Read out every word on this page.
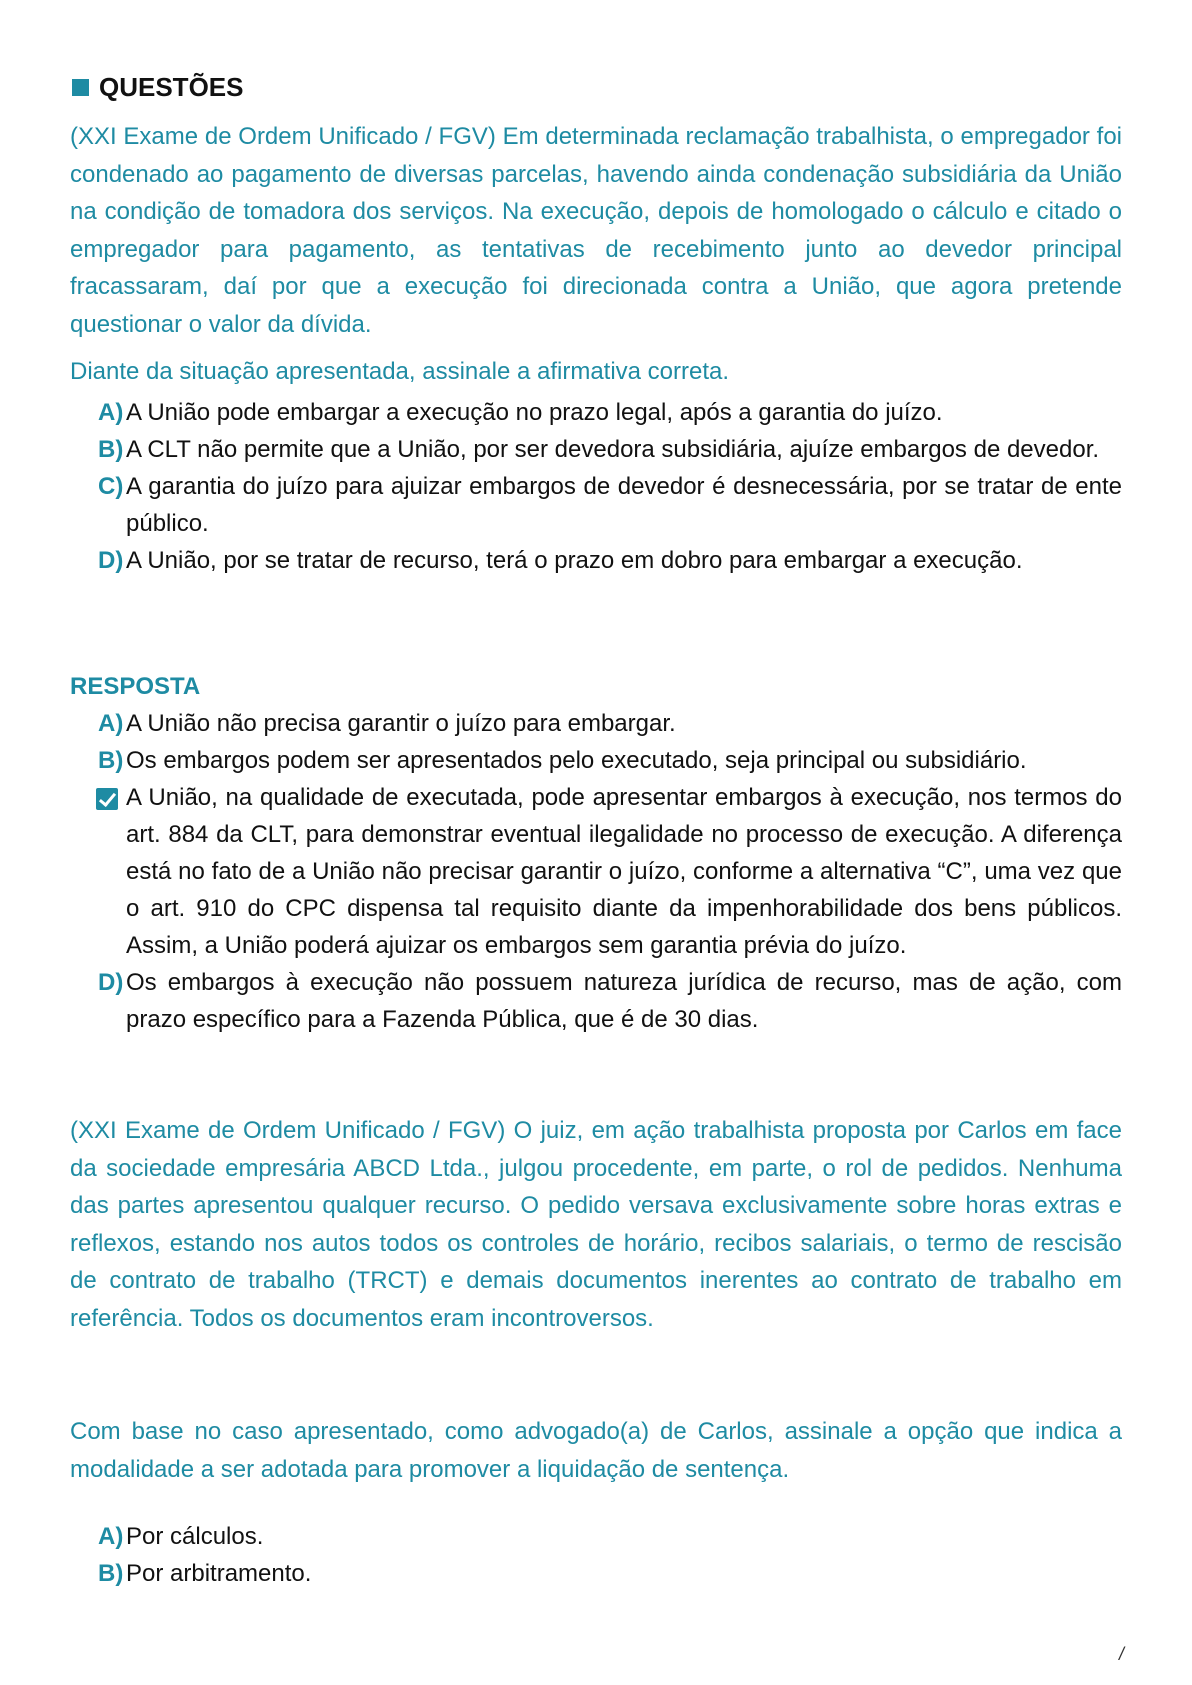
QUESTÕES

(XXI Exame de Ordem Unificado / FGV) Em determinada reclamação trabalhista, o empregador foi condenado ao pagamento de diversas parcelas, havendo ainda condenação subsidiária da União na condição de tomadora dos serviços. Na execução, depois de homologado o cálculo e citado o empregador para pagamento, as tentativas de recebimento junto ao devedor principal fracassaram, daí por que a execução foi direcionada contra a União, que agora pretende questionar o valor da dívida.

Diante da situação apresentada, assinale a afirmativa correta.

A) A União pode embargar a execução no prazo legal, após a garantia do juízo.

B) A CLT não permite que a União, por ser devedora subsidiária, ajuíze embargos de devedor.

C) A garantia do juízo para ajuizar embargos de devedor é desnecessária, por se tratar de ente público.

D) A União, por se tratar de recurso, terá o prazo em dobro para embargar a execução.

RESPOSTA

A) A União não precisa garantir o juízo para embargar.

B) Os embargos podem ser apresentados pelo executado, seja principal ou subsidiário.

A União, na qualidade de executada, pode apresentar embargos à execução, nos termos do art. 884 da CLT, para demonstrar eventual ilegalidade no processo de execução. A diferença está no fato de a União não precisar garantir o juízo, conforme a alternativa “C”, uma vez que o art. 910 do CPC dispensa tal requisito diante da impenhorabilidade dos bens públicos. Assim, a União poderá ajuizar os embargos sem garantia prévia do juízo.

D) Os embargos à execução não possuem natureza jurídica de recurso, mas de ação, com prazo específico para a Fazenda Pública, que é de 30 dias.

(XXI Exame de Ordem Unificado / FGV) O juiz, em ação trabalhista proposta por Carlos em face da sociedade empresária ABCD Ltda., julgou procedente, em parte, o rol de pedidos. Nenhuma das partes apresentou qualquer recurso. O pedido versava exclusivamente sobre horas extras e reflexos, estando nos autos todos os controles de horário, recibos salariais, o termo de rescisão de contrato de trabalho (TRCT) e demais documentos inerentes ao contrato de trabalho em referência. Todos os documentos eram incontroversos.

Com base no caso apresentado, como advogado(a) de Carlos, assinale a opção que indica a modalidade a ser adotada para promover a liquidação de sentença.

A) Por cálculos.

B) Por arbitramento.

/
